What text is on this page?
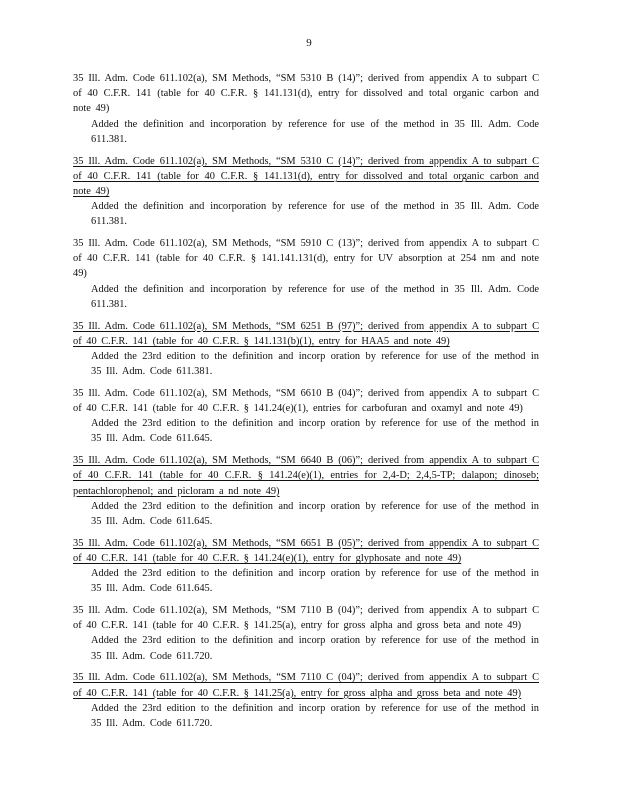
9
35 Ill. Adm. Code 611.102(a), SM Methods, “SM 5310 B (14)”; derived from appendix A to subpart C of 40 C.F.R. 141 (table for 40 C.F.R. § 141.131(d), entry for dissolved and total organic carbon and note 49)
Added the definition and incorporation by reference for use of the method in 35 Ill. Adm. Code 611.381.
35 Ill. Adm. Code 611.102(a), SM Methods, “SM 5310 C (14)”; derived from appendix A to subpart C of 40 C.F.R. 141 (table for 40 C.F.R. § 141.131(d), entry for dissolved and total organic carbon and note 49)
Added the definition and incorporation by reference for use of the method in 35 Ill. Adm. Code 611.381.
35 Ill. Adm. Code 611.102(a), SM Methods, “SM 5910 C (13)”; derived from appendix A to subpart C of 40 C.F.R. 141 (table for 40 C.F.R. § 141.141.131(d), entry for UV absorption at 254 nm and note 49)
Added the definition and incorporation by reference for use of the method in 35 Ill. Adm. Code 611.381.
35 Ill. Adm. Code 611.102(a), SM Methods, “SM 6251 B (97)”; derived from appendix A to subpart C of 40 C.F.R. 141 (table for 40 C.F.R. § 141.131(b)(1), entry for HAA5 and note 49)
Added the 23rd edition to the definition and incorp oration by reference for use of the method in 35 Ill. Adm. Code 611.381.
35 Ill. Adm. Code 611.102(a), SM Methods, “SM 6610 B (04)”; derived from appendix A to subpart C of 40 C.F.R. 141 (table for 40 C.F.R. § 141.24(e)(1), entries for carbofuran and oxamyl and note 49)
Added the 23rd edition to the definition and incorp oration by reference for use of the method in 35 Ill. Adm. Code 611.645.
35 Ill. Adm. Code 611.102(a), SM Methods, “SM 6640 B (06)”; derived from appendix A to subpart C of 40 C.F.R. 141 (table for 40 C.F.R. § 141.24(e)(1), entries for 2,4-D; 2,4,5-TP; dalapon; dinoseb; pentachlorophenol; and picloram a nd note 49)
Added the 23rd edition to the definition and incorp oration by reference for use of the method in 35 Ill. Adm. Code 611.645.
35 Ill. Adm. Code 611.102(a), SM Methods, “SM 6651 B (05)”; derived from appendix A to subpart C of 40 C.F.R. 141 (table for 40 C.F.R. § 141.24(e)(1), entry for glyphosate and note 49)
Added the 23rd edition to the definition and incorp oration by reference for use of the method in 35 Ill. Adm. Code 611.645.
35 Ill. Adm. Code 611.102(a), SM Methods, “SM 7110 B (04)”; derived from appendix A to subpart C of 40 C.F.R. 141 (table for 40 C.F.R. § 141.25(a), entry for gross alpha and gross beta and note 49)
Added the 23rd edition to the definition and incorp oration by reference for use of the method in 35 Ill. Adm. Code 611.720.
35 Ill. Adm. Code 611.102(a), SM Methods, “SM 7110 C (04)”; derived from appendix A to subpart C of 40 C.F.R. 141 (table for 40 C.F.R. § 141.25(a), entry for gross alpha and gross beta and note 49)
Added the 23rd edition to the definition and incorp oration by reference for use of the method in 35 Ill. Adm. Code 611.720.
